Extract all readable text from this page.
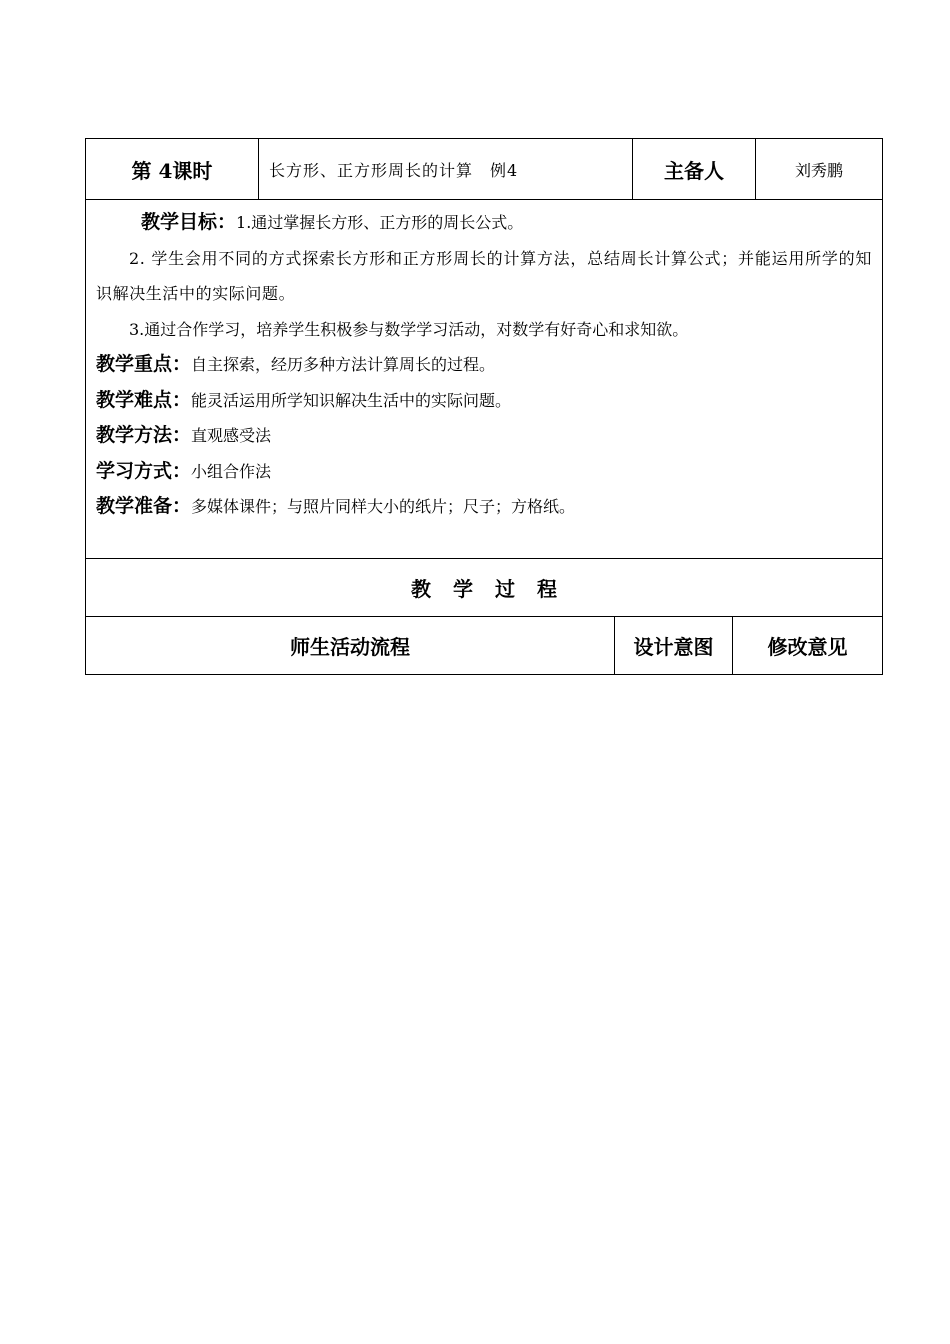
第 4课时	长方形、正方形周长的计算　例4	主备人	刘秀鹏

教学目标：1.通过掌握长方形、正方形的周长公式。

2. 学生会用不同的方式探索长方形和正方形周长的计算方法，总结周长计算公式；并能运用所学的知识解决生活中的实际问题。

3.通过合作学习，培养学生积极参与数学学习活动，对数学有好奇心和求知欲。

教学重点：自主探索，经历多种方法计算周长的过程。

教学难点：能灵活运用所学知识解决生活中的实际问题。

教学方法：直观感受法

学习方式：小组合作法

教学准备：多媒体课件；与照片同样大小的纸片；尺子；方格纸。

教学过程
师生活动流程	设计意图	修改意见
